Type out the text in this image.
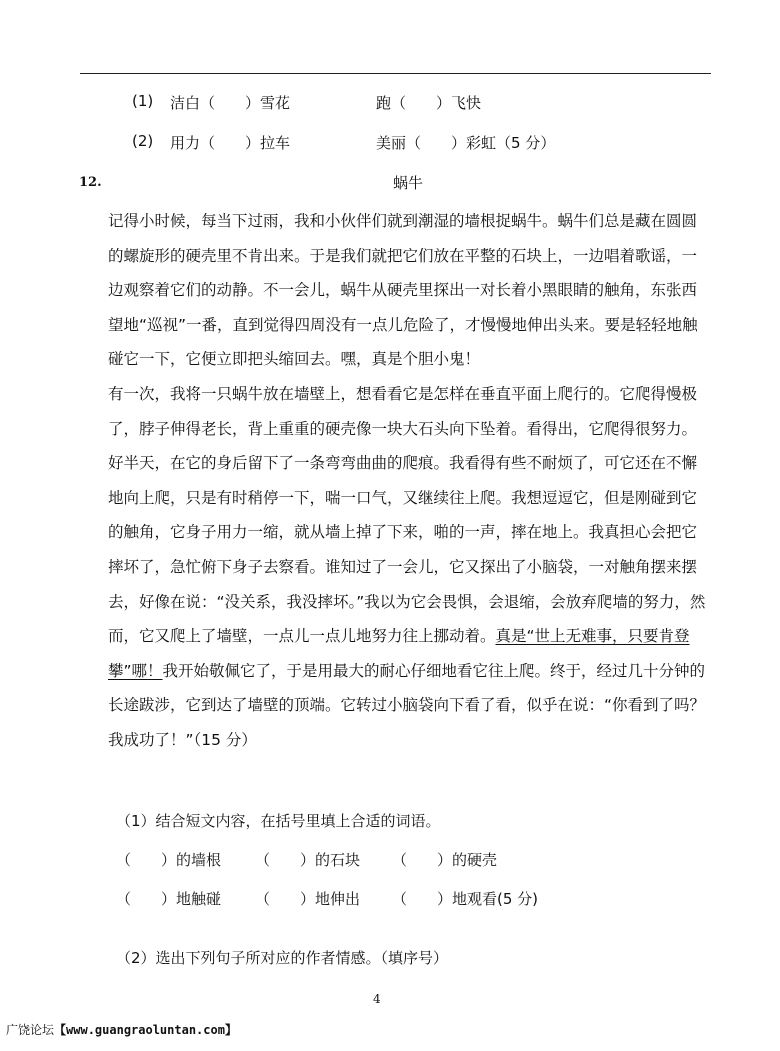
(1) 洁白（　　）雪花	跑（　　）飞快
(2) 用力（　　）拉车	美丽（　　）彩虹（5 分）
12.	蜗牛

记得小时候，每当下过雨，我和小伙伴们就到潮湿的墙根捉蜗牛。蜗牛们总是藏在圆圆的螺旋形的硬壳里不肯出来。于是我们就把它们放在平整的石块上，一边唱着歌谣，一边观察着它们的动静。不一会儿，蜗牛从硬壳里探出一对长着小黑眼睛的触角，东张西望地“巡视”一番，直到觉得四周没有一点儿危险了，才慢慢地伸出头来。要是轻轻地触碰它一下，它便立即把头缩回去。嘿，真是个胆小鬼！

有一次，我将一只蜗牛放在墙壁上，想看看它是怎样在垂直平面上爬行的。它爬得慢极了，脖子伸得老长，背上重重的硬壳像一块大石头向下坠着。看得出，它爬得很努力。好半天，在它的身后留下了一条弯弯曲曲的爬痕。我看得有些不耐烦了，可它还在不懈地向上爬，只是有时稍停一下，喘一口气，又继续往上爬。我想逗逗它，但是刚碰到它的触角，它身子用力一缩，就从墙上掉了下来，啪的一声，摔在地上。我真担心会把它摔坏了，急忙俯下身子去察看。谁知过了一会儿，它又探出了小脑袋，一对触角摆来摆去，好像在说：“没关系，我没摔坏。”我以为它会畏惧，会退缩，会放弃爬墙的努力，然而，它又爬上了墙壁，一点儿一点儿地努力往上挪动着。真是“世上无难事，只要肯登攀”哪！我开始敬佩它了，于是用最大的耐心仔细地看它往上爬。终于，经过几十分钟的长途跋涉，它到达了墙壁的顶端。它转过小脑袋向下看了看，似乎在说：“你看到了吗？我成功了！”（15 分）

（1）结合短文内容，在括号里填上合适的词语。
（　　）的墙根 （　　）的石块 （　　）的硬壳
（　　）地触碰 （　　）地伸出 （　　）地观看(5 分)
（2）选出下列句子所对应的作者情感。（填序号）
4
广饶论坛【www.guangraoluntan.com】
